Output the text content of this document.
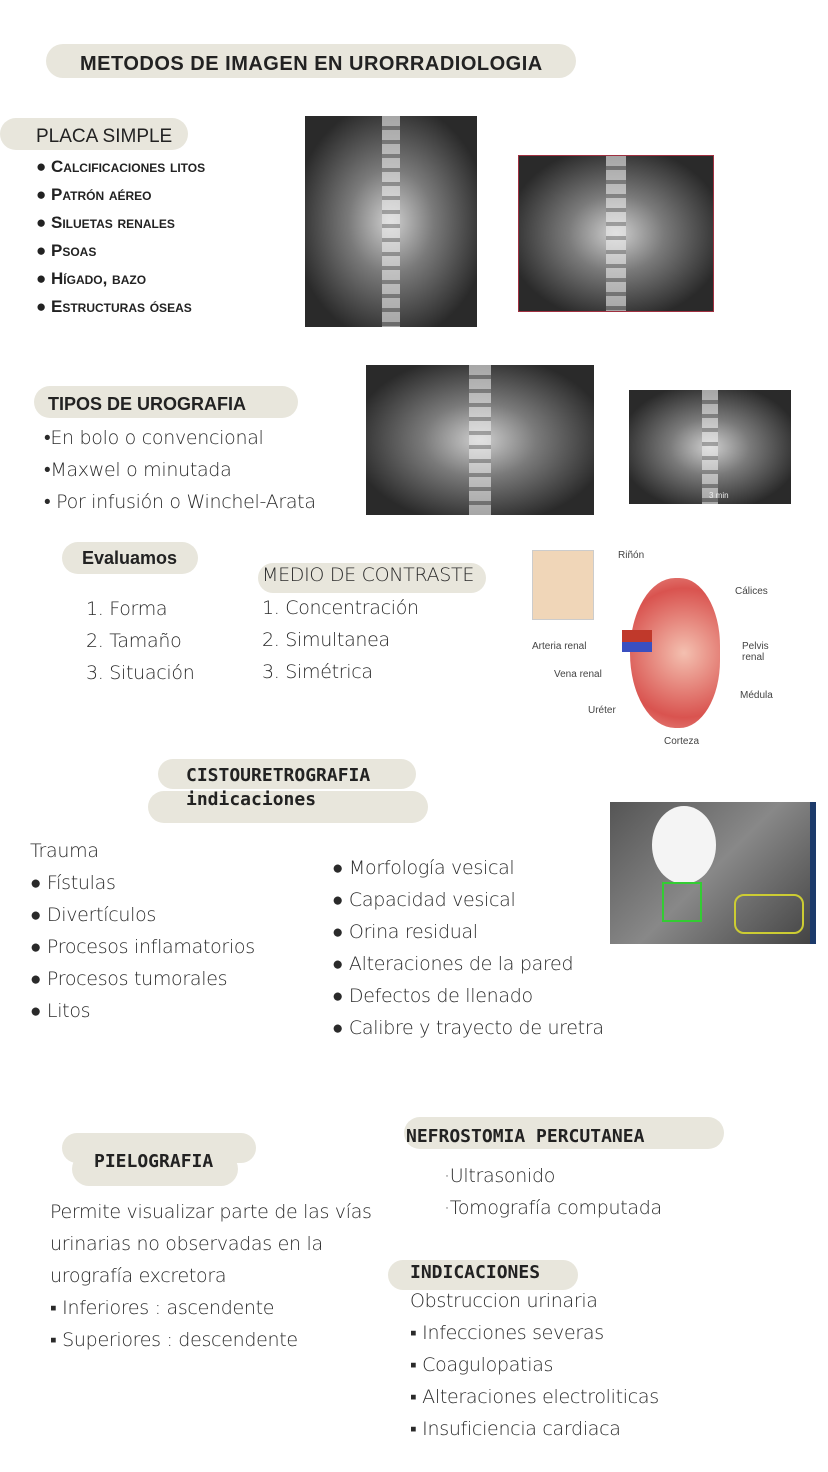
METODOS DE IMAGEN EN URORRADIOLOGIA
PLACA SIMPLE
● Calcificaciones litos
● Patrón aéreo
● Siluetas renales
● Psoas
● Hígado, bazo
● Estructuras óseas
TIPOS DE UROGRAFIA
•En bolo o convencional
•Maxwel o minutada
• Por infusión o Winchel-Arata	3 min
Evaluamos
1. Forma
2. Tamaño
3. Situación
MEDIO DE CONTRASTE
1. Concentración
2. Simultanea
3. Simétrica
Riñón
Cálices
Arteria renal	Pelvis renal
Vena renal
Médula
Uréter
Corteza
CISTOURETROGRAFIA
indicaciones
Trauma
● Fístulas
● Divertículos
● Procesos inflamatorios
● Procesos tumorales
● Litos
● Morfología vesical
● Capacidad vesical
● Orina residual
● Alteraciones de la pared
● Defectos de llenado
● Calibre y trayecto de uretra
PIELOGRAFIA
Permite visualizar parte de las vías
urinarias no observadas en la
urografía excretora
▪ Inferiores : ascendente
▪ Superiores : descendente
NEFROSTOMIA PERCUTANEA
·Ultrasonido
·Tomografía computada
INDICACIONES
Obstruccion urinaria
▪ Infecciones severas
▪ Coagulopatias
▪ Alteraciones electroliticas
▪ Insuficiencia cardiaca
